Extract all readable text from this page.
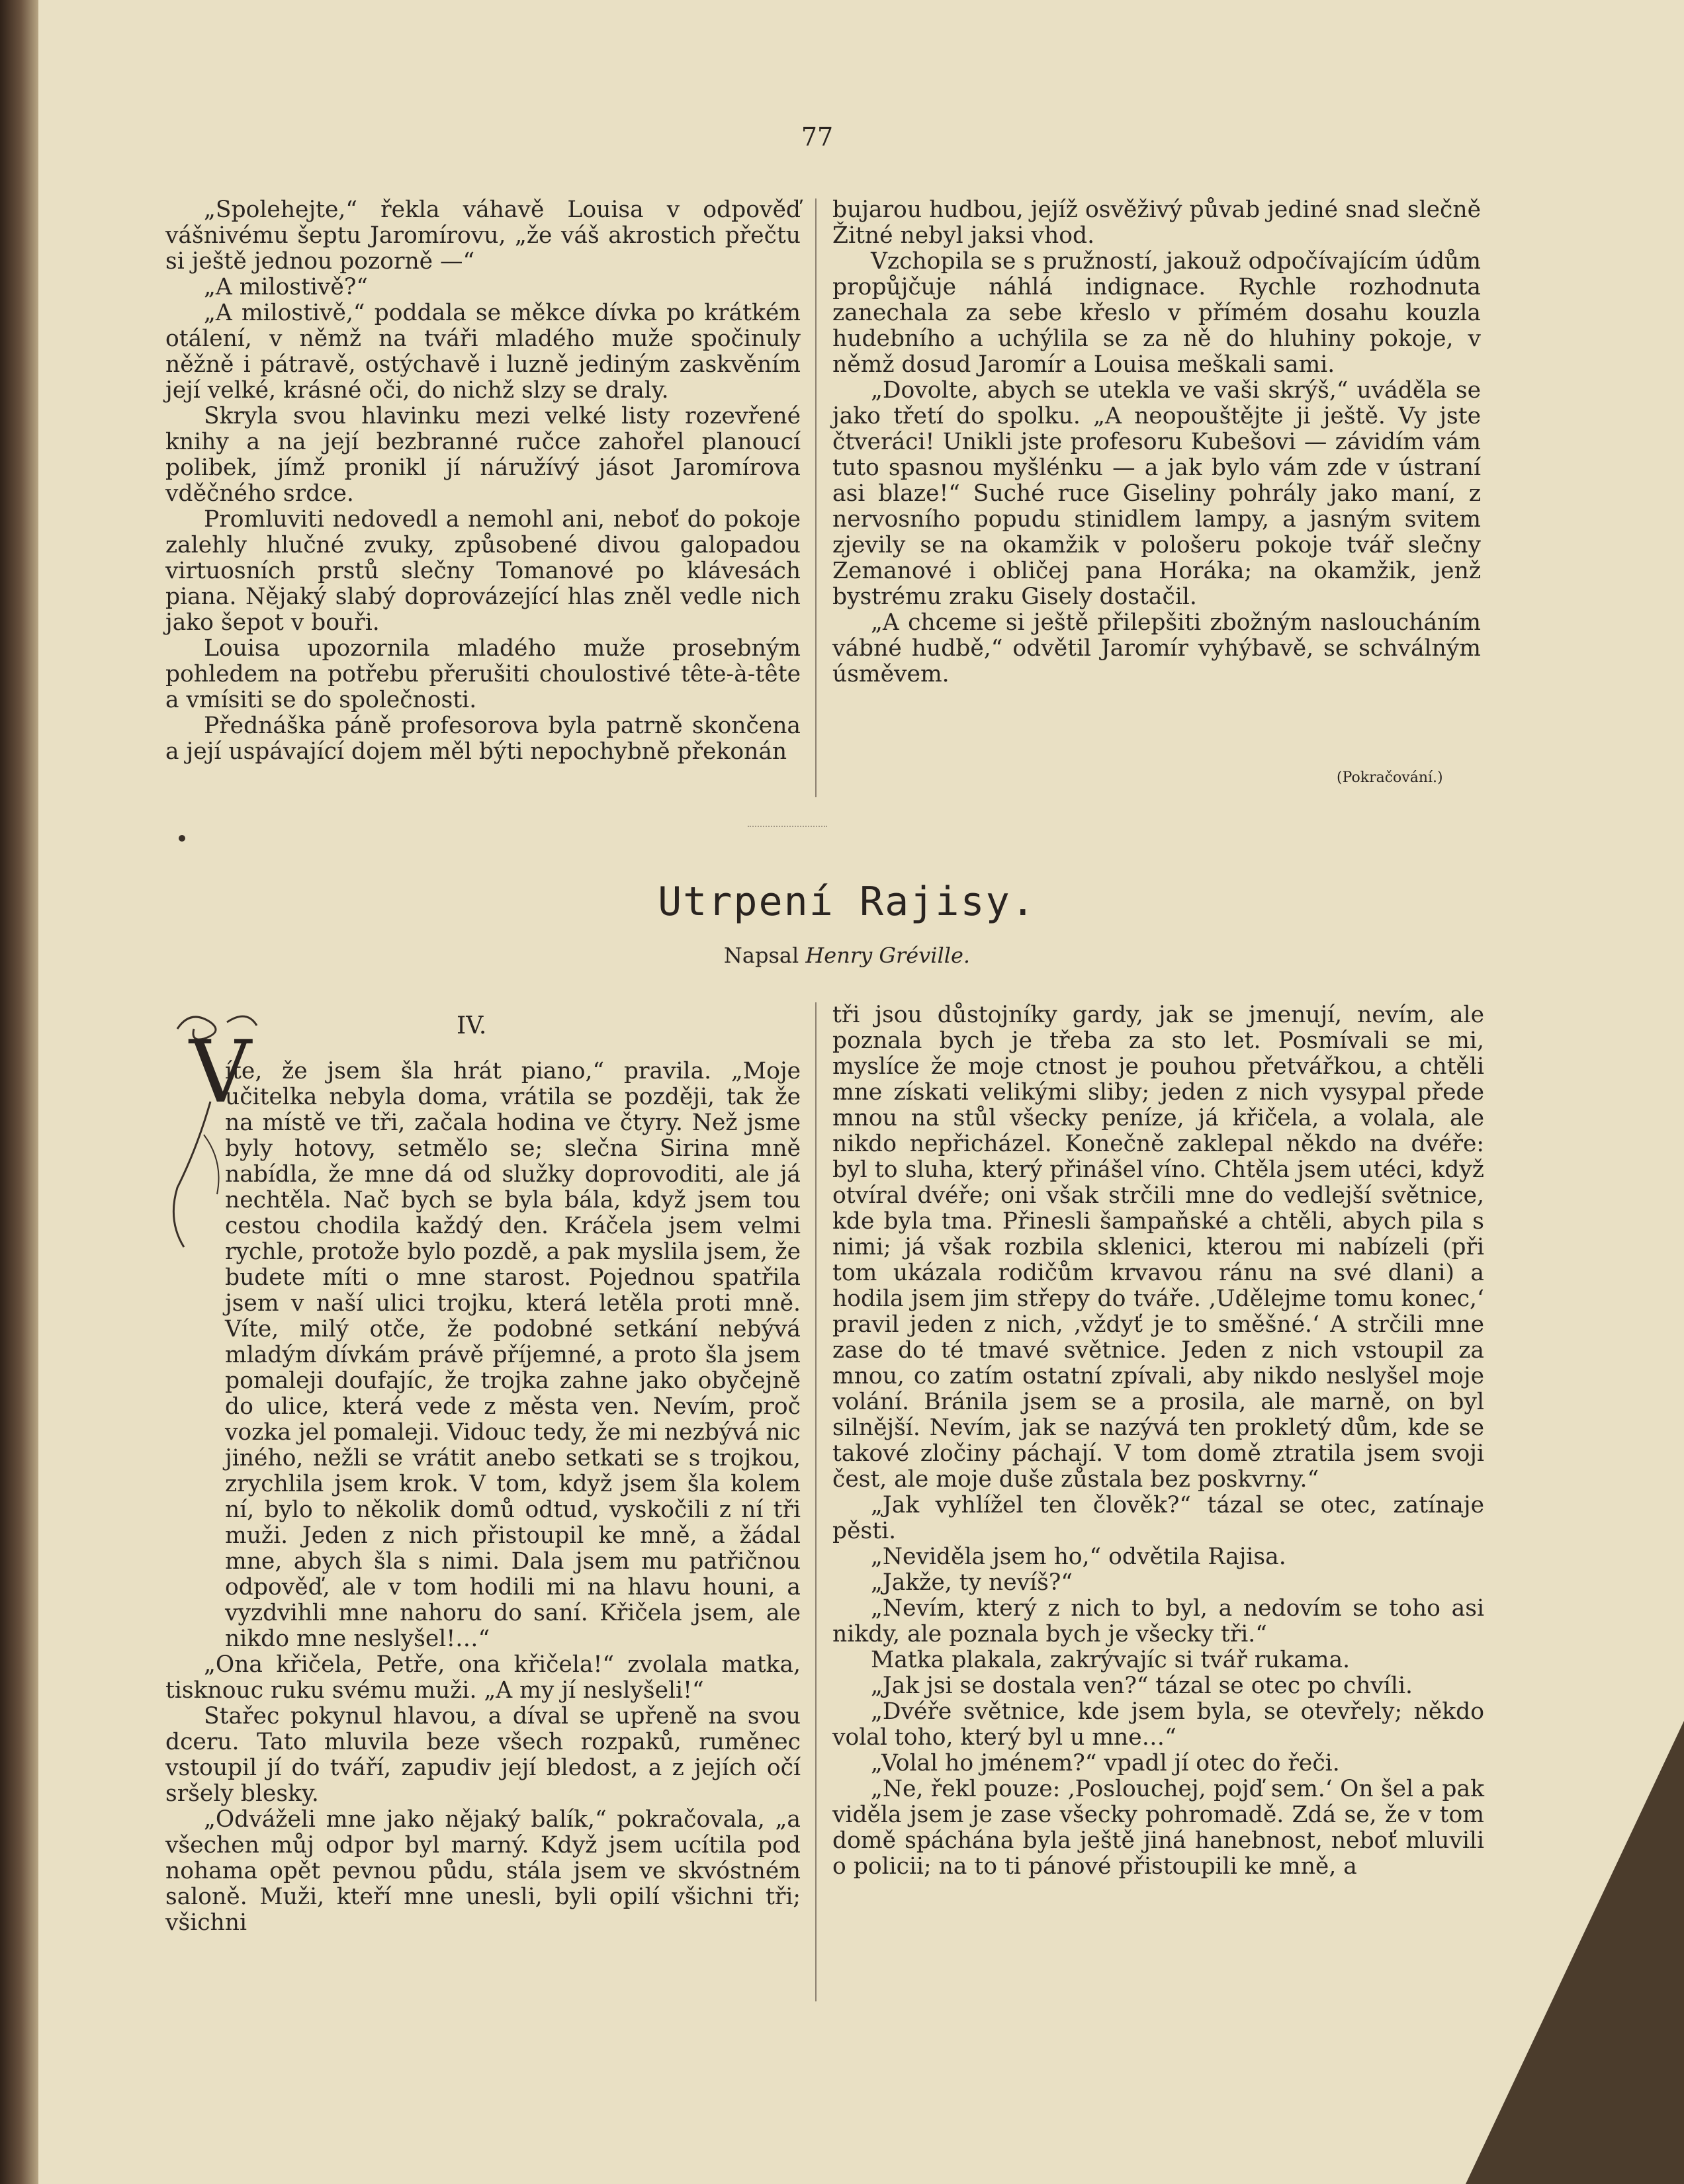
77

„Spolehejte,“ řekla váhavě Louisa v odpověď vášnivému šeptu Jaromírovu, „že váš akrostich přečtu si ještě jednou pozorně —“

„A milostivě?“

„A milostivě,“ poddala se měkce dívka po krátkém otálení, v němž na tváři mladého muže spočinuly něžně i pátravě, ostýchavě i luzně jediným zaskvěním její velké, krásné oči, do nichž slzy se draly.

Skryla svou hlavinku mezi velké listy rozevřené knihy a na její bezbranné ručce zahořel planoucí polibek, jímž pronikl jí náružívý jásot Jaromírova vděčného srdce.

Promluviti nedovedl a nemohl ani, neboť do pokoje zalehly hlučné zvuky, způsobené divou galopadou virtuosních prstů slečny Tomanové po klávesách piana. Nějaký slabý doprovázející hlas zněl vedle nich jako šepot v bouři.

Louisa upozornila mladého muže prosebným pohledem na potřebu přerušiti choulostivé tête-à-tête a vmísiti se do společnosti.

Přednáška páně profesorova byla patrně skončena a její uspávající dojem měl býti nepochybně překonán

bujarou hudbou, jejíž osvěživý půvab jediné snad slečně Žitné nebyl jaksi vhod.

Vzchopila se s pružností, jakouž odpočívajícím údům propůjčuje náhlá indignace. Rychle rozhodnuta zanechala za sebe křeslo v přímém dosahu kouzla hudebního a uchýlila se za ně do hluhiny pokoje, v němž dosud Jaromír a Louisa meškali sami.

„Dovolte, abych se utekla ve vaši skrýš,“ uváděla se jako třetí do spolku. „A neopouštějte ji ještě. Vy jste čtveráci! Unikli jste profesoru Kubešovi — závidím vám tuto spasnou myšlénku — a jak bylo vám zde v ústraní asi blaze!“ Suché ruce Giseliny pohrály jako maní, z nervosního popudu stinidlem lampy, a jasným svitem zjevily se na okamžik v pološeru pokoje tvář slečny Zemanové i obličej pana Horáka; na okamžik, jenž bystrému zraku Gisely dostačil.

„A chceme si ještě přilepšiti zbožným nasloucháním vábné hudbě,“ odvětil Jaromír vyhýbavě, se schválným úsměvem.

(Pokračování.)
Utrpení Rajisy.
Napsal Henry Gréville.
IV.
V

íte, že jsem šla hrát piano,“ pravila. „Moje učitelka nebyla doma, vrátila se později, tak že na místě ve tři, začala hodina ve čtyry. Než jsme byly hotovy, setmělo se; slečna Sirina mně nabídla, že mne dá od služky doprovoditi, ale já nechtěla. Nač bych se byla bála, když jsem tou cestou chodila každý den. Kráčela jsem velmi rychle, protože bylo pozdě, a pak myslila jsem, že budete míti o mne starost. Pojednou spatřila jsem v naší ulici trojku, která letěla proti mně. Víte, milý otče, že podobné setkání nebývá mladým dívkám právě příjemné, a proto šla jsem pomaleji doufajíc, že trojka zahne jako obyčejně do ulice, která vede z města ven. Nevím, proč vozka jel pomaleji. Vidouc tedy, že mi nezbývá nic jiného, nežli se vrátit anebo setkati se s trojkou, zrychlila jsem krok. V tom, když jsem šla kolem ní, bylo to několik domů odtud, vyskočili z ní tři muži. Jeden z nich přistoupil ke mně, a žádal mne, abych šla s nimi. Dala jsem mu patřičnou odpověď, ale v tom hodili mi na hlavu houni, a vyzdvihli mne nahoru do saní. Křičela jsem, ale nikdo mne neslyšel!…“

„Ona křičela, Petře, ona křičela!“ zvolala matka, tisknouc ruku svému muži. „A my jí neslyšeli!“

Stařec pokynul hlavou, a díval se upřeně na svou dceru. Tato mluvila beze všech rozpaků, ruměnec vstoupil jí do tváří, zapudiv její bledost, a z jejích očí sršely blesky.

„Odváželi mne jako nějaký balík,“ pokračovala, „a všechen můj odpor byl marný. Když jsem ucítila pod nohama opět pevnou půdu, stála jsem ve skvóstném saloně. Muži, kteří mne unesli, byli opilí všichni tři; všichni

tři jsou důstojníky gardy, jak se jmenují, nevím, ale poznala bych je třeba za sto let. Posmívali se mi, myslíce že moje ctnost je pouhou přetvářkou, a chtěli mne získati velikými sliby; jeden z nich vysypal přede mnou na stůl všecky peníze, já křičela, a volala, ale nikdo nepřicházel. Konečně zaklepal někdo na dvéře: byl to sluha, který přinášel víno. Chtěla jsem utéci, když otvíral dvéře; oni však strčili mne do vedlejší světnice, kde byla tma. Přinesli šampaňské a chtěli, abych pila s nimi; já však rozbila sklenici, kterou mi nabízeli (při tom ukázala rodičům krvavou ránu na své dlani) a hodila jsem jim střepy do tváře. ‚Udělejme tomu konec,‘ pravil jeden z nich, ‚vždyť je to směšné.‘ A strčili mne zase do té tmavé světnice. Jeden z nich vstoupil za mnou, co zatím ostatní zpívali, aby nikdo neslyšel moje volání. Bránila jsem se a prosila, ale marně, on byl silnější. Nevím, jak se nazývá ten prokletý dům, kde se takové zločiny páchají. V tom domě ztratila jsem svoji čest, ale moje duše zůstala bez poskvrny.“

„Jak vyhlížel ten člověk?“ tázal se otec, zatínaje pěsti.

„Neviděla jsem ho,“ odvětila Rajisa.

„Jakže, ty nevíš?“

„Nevím, který z nich to byl, a nedovím se toho asi nikdy, ale poznala bych je všecky tři.“

Matka plakala, zakrývajíc si tvář rukama.

„Jak jsi se dostala ven?“ tázal se otec po chvíli.

„Dvéře světnice, kde jsem byla, se otevřely; někdo volal toho, který byl u mne…“

„Volal ho jménem?“ vpadl jí otec do řeči.

„Ne, řekl pouze: ‚Poslouchej, pojď sem.‘ On šel a pak viděla jsem je zase všecky pohromadě. Zdá se, že v tom domě spáchána byla ještě jiná hanebnost, neboť mluvili o policii; na to ti pánové přistoupili ke mně, a
